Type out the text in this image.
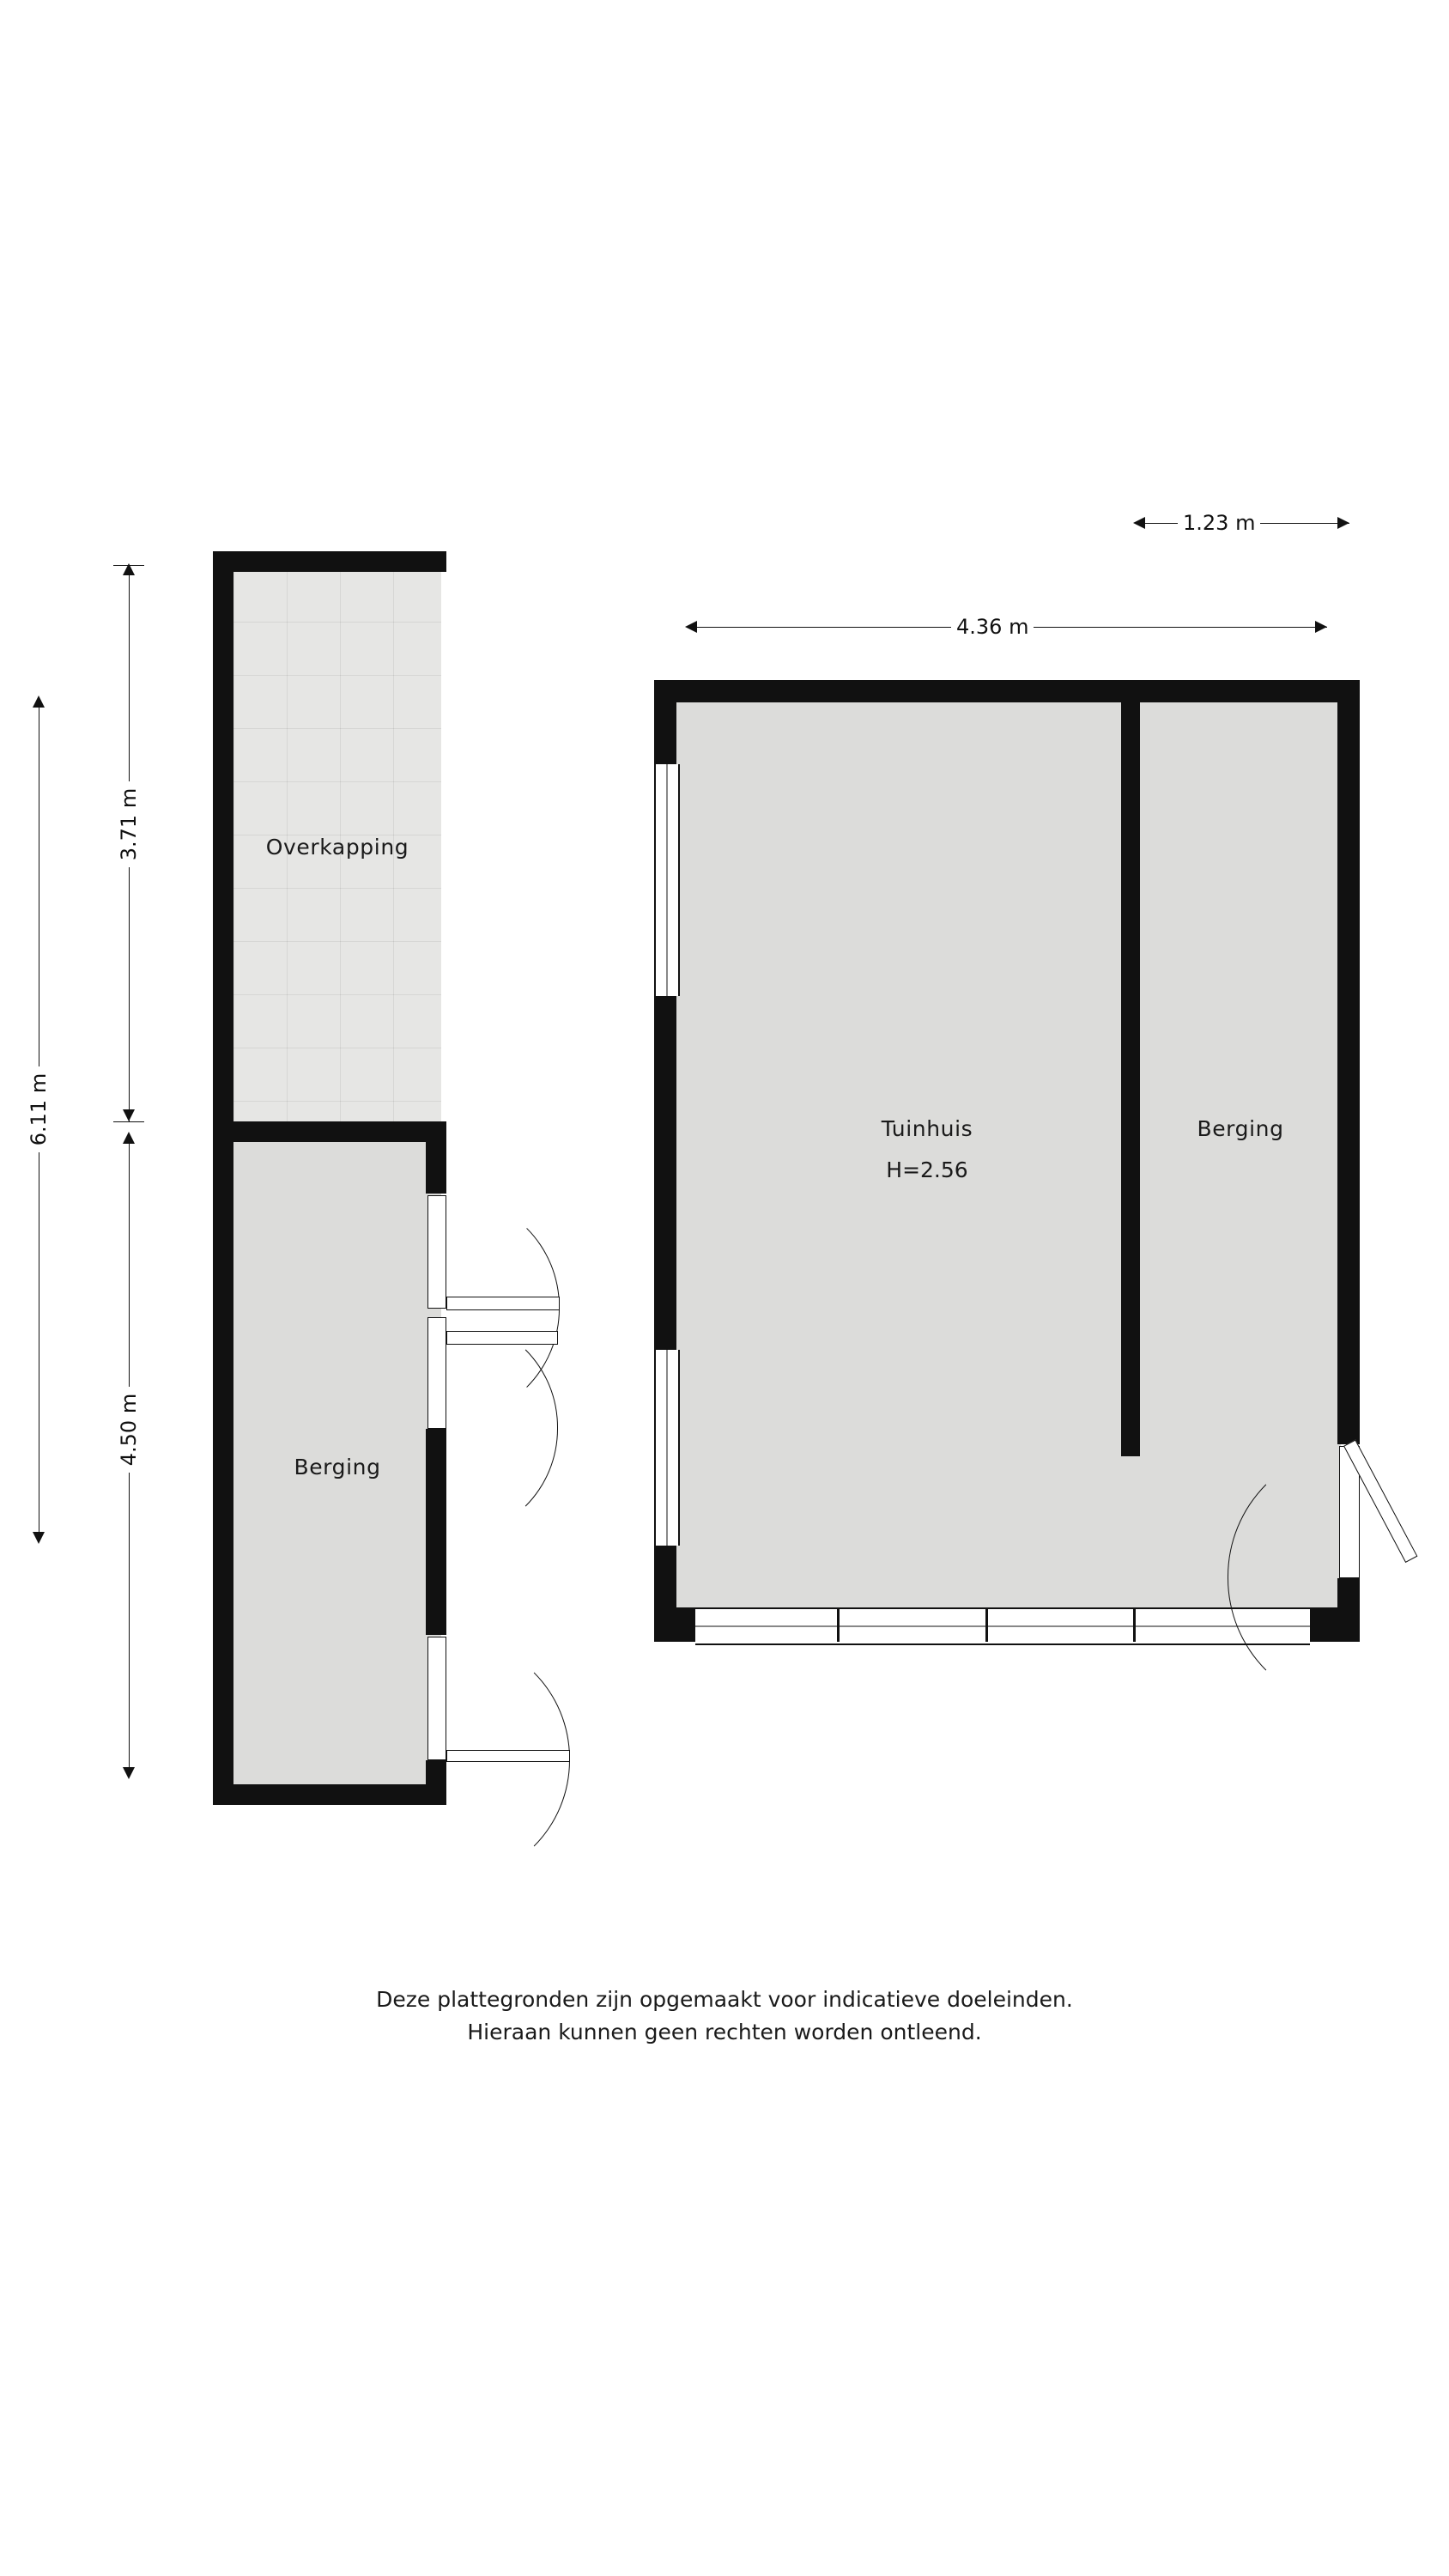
Overkapping
Berging
6.11 m
3.71 m
4.50 m
Tuinhuis
H=2.56
Berging
4.36 m
1.23 m
Deze plattegronden zijn opgemaakt voor indicatieve doeleinden.
Hieraan kunnen geen rechten worden ontleend.
